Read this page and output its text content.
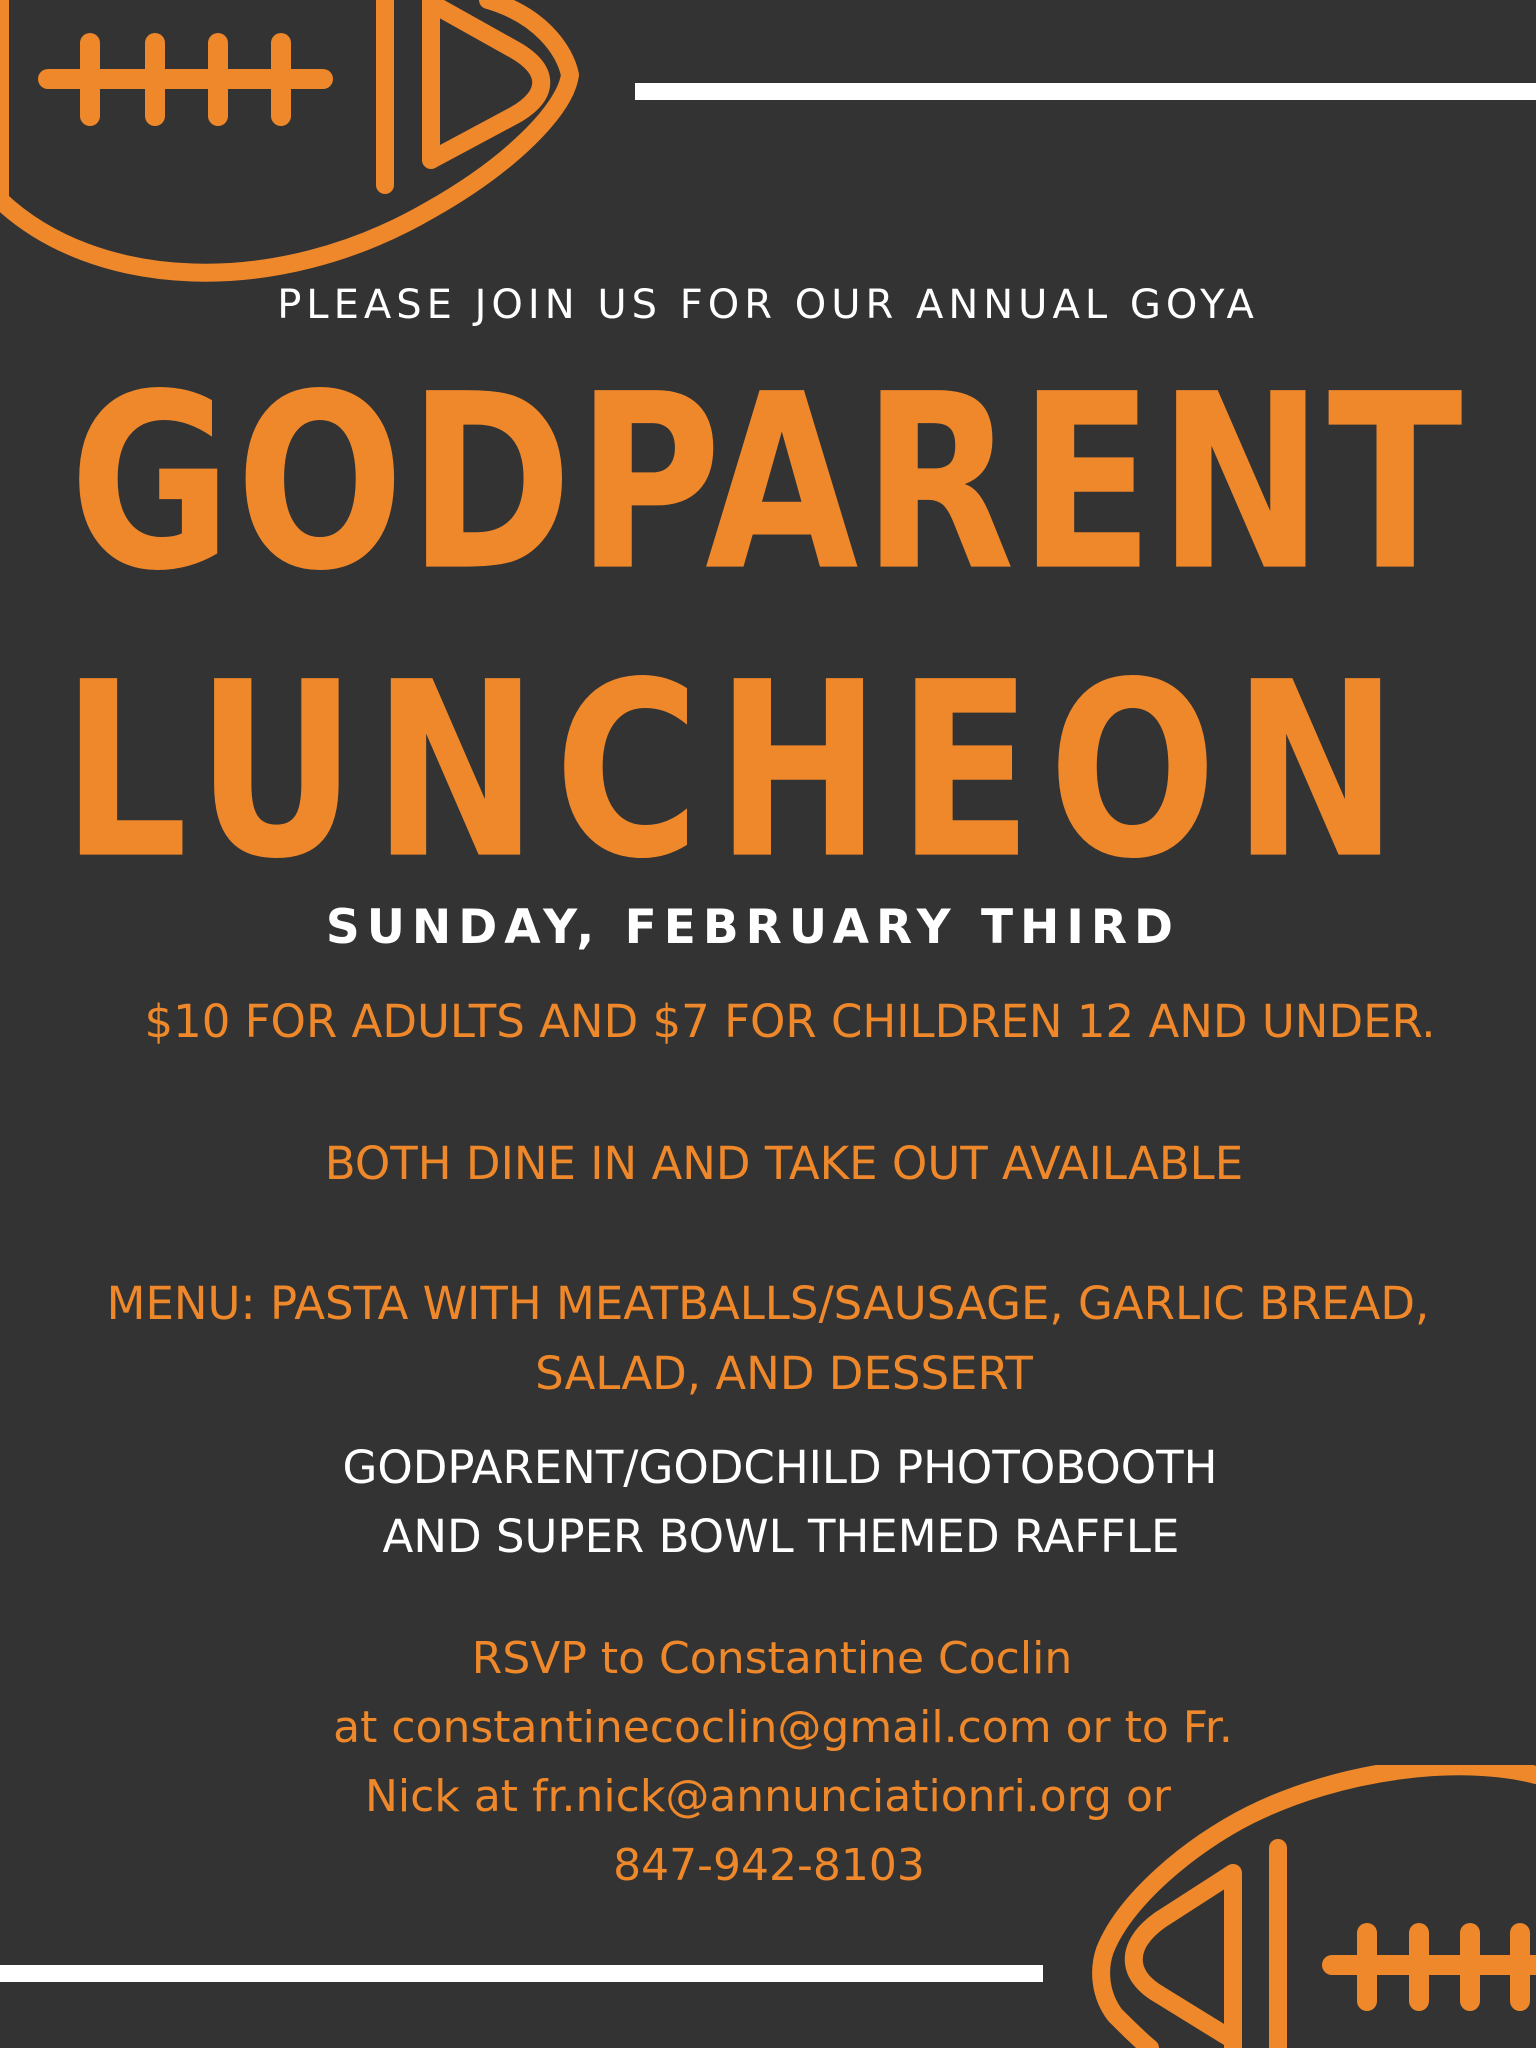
PLEASE JOIN US FOR OUR ANNUAL GOYA
GODPARENT
LUNCHEON
SUNDAY, FEBRUARY THIRD
$10 FOR ADULTS AND $7 FOR CHILDREN 12 AND UNDER.
BOTH DINE IN AND TAKE OUT AVAILABLE
MENU: PASTA WITH MEATBALLS/SAUSAGE, GARLIC BREAD,
SALAD, AND DESSERT
GODPARENT/GODCHILD PHOTOBOOTH
AND SUPER BOWL THEMED RAFFLE
RSVP to Constantine Coclin
at constantinecoclin@gmail.com or to Fr.
Nick at fr.nick@annunciationri.org or
847-942-8103
